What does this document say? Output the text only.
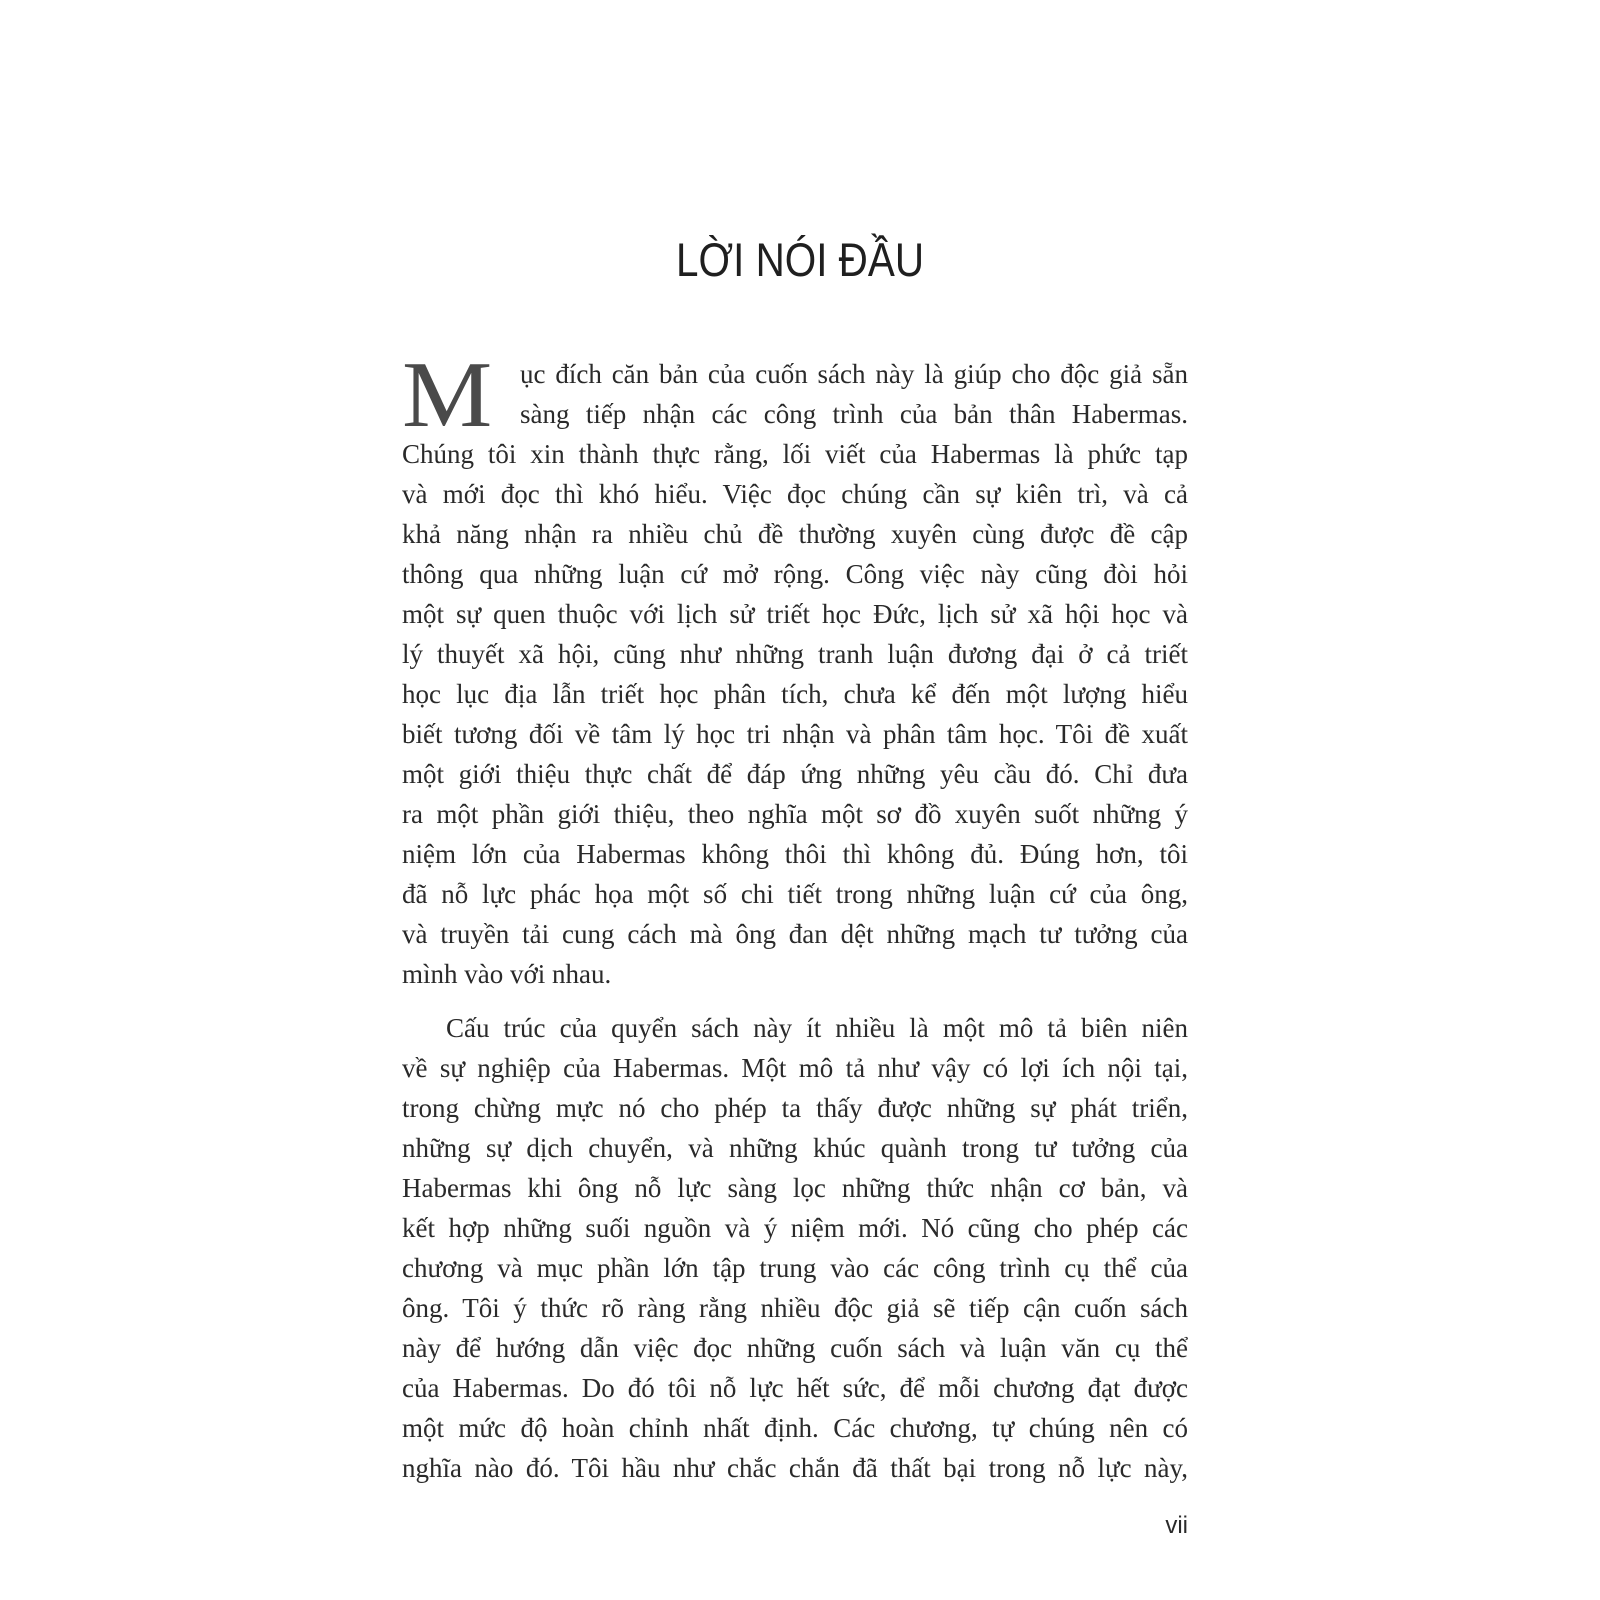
LỜI NÓI ĐẦU
M	ục đích căn bản của cuốn sách này là giúp cho độc giả sẵn
sàng tiếp nhận các công trình của bản thân Habermas.
Chúng tôi xin thành thực rằng, lối viết của Habermas là phức tạp
và mới đọc thì khó hiểu. Việc đọc chúng cần sự kiên trì, và cả
khả năng nhận ra nhiều chủ đề thường xuyên cùng được đề cập
thông qua những luận cứ mở rộng. Công việc này cũng đòi hỏi
một sự quen thuộc với lịch sử triết học Đức, lịch sử xã hội học và
lý thuyết xã hội, cũng như những tranh luận đương đại ở cả triết
học lục địa lẫn triết học phân tích, chưa kể đến một lượng hiểu
biết tương đối về tâm lý học tri nhận và phân tâm học. Tôi đề xuất
một giới thiệu thực chất để đáp ứng những yêu cầu đó. Chỉ đưa
ra một phần giới thiệu, theo nghĩa một sơ đồ xuyên suốt những ý
niệm lớn của Habermas không thôi thì không đủ. Đúng hơn, tôi
đã nỗ lực phác họa một số chi tiết trong những luận cứ của ông,
và truyền tải cung cách mà ông đan dệt những mạch tư tưởng của
mình vào với nhau.
Cấu trúc của quyển sách này ít nhiều là một mô tả biên niên
về sự nghiệp của Habermas. Một mô tả như vậy có lợi ích nội tại,
trong chừng mực nó cho phép ta thấy được những sự phát triển,
những sự dịch chuyển, và những khúc quành trong tư tưởng của
Habermas khi ông nỗ lực sàng lọc những thức nhận cơ bản, và
kết hợp những suối nguồn và ý niệm mới. Nó cũng cho phép các
chương và mục phần lớn tập trung vào các công trình cụ thể của
ông. Tôi ý thức rõ ràng rằng nhiều độc giả sẽ tiếp cận cuốn sách
này để hướng dẫn việc đọc những cuốn sách và luận văn cụ thể
của Habermas. Do đó tôi nỗ lực hết sức, để mỗi chương đạt được
một mức độ hoàn chỉnh nhất định. Các chương, tự chúng nên có
nghĩa nào đó. Tôi hầu như chắc chắn đã thất bại trong nỗ lực này,
vii
